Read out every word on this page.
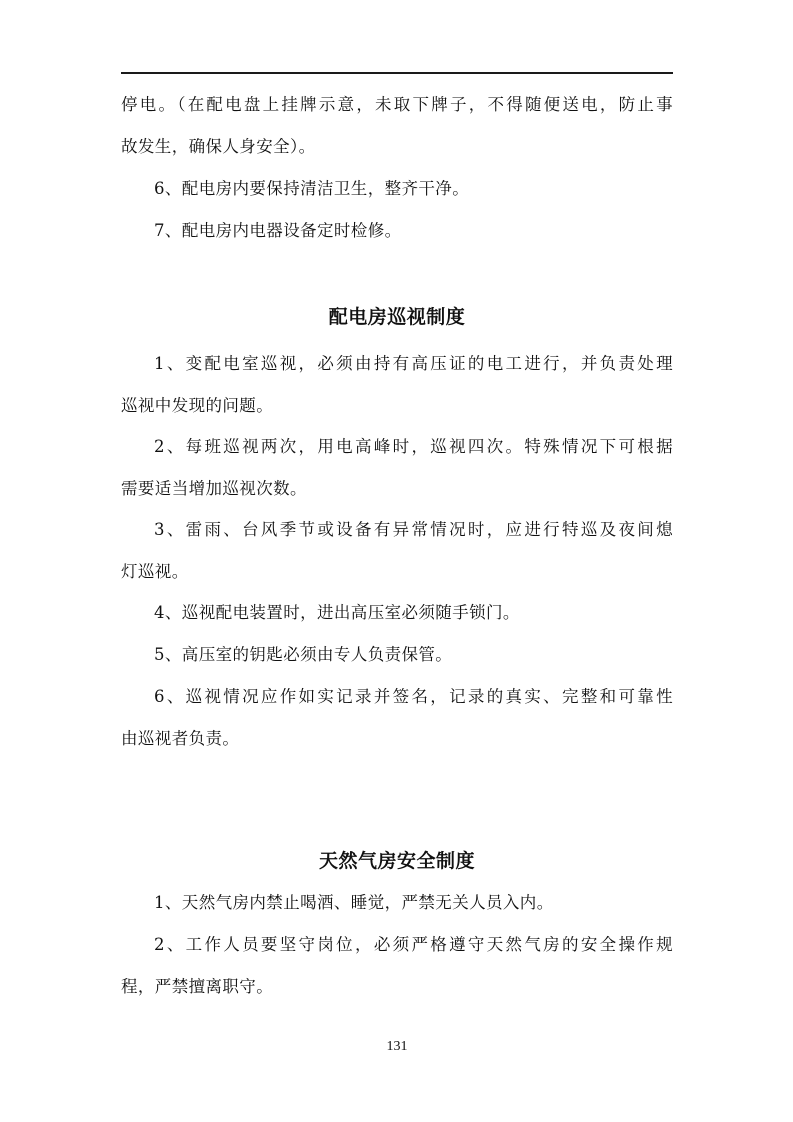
停电。（在配电盘上挂牌示意，未取下牌子，不得随便送电，防止事
故发生，确保人身安全）。
6、配电房内要保持清洁卫生，整齐干净。
7、配电房内电器设备定时检修。
配电房巡视制度
1、变配电室巡视，必须由持有高压证的电工进行，并负责处理
巡视中发现的问题。
2、每班巡视两次，用电高峰时，巡视四次。特殊情况下可根据
需要适当增加巡视次数。
3、雷雨、台风季节或设备有异常情况时，应进行特巡及夜间熄
灯巡视。
4、巡视配电装置时，进出高压室必须随手锁门。
5、高压室的钥匙必须由专人负责保管。
6、巡视情况应作如实记录并签名，记录的真实、完整和可靠性
由巡视者负责。
天然气房安全制度
1、天然气房内禁止喝酒、睡觉，严禁无关人员入内。
2、工作人员要坚守岗位，必须严格遵守天然气房的安全操作规
程，严禁擅离职守。
131
